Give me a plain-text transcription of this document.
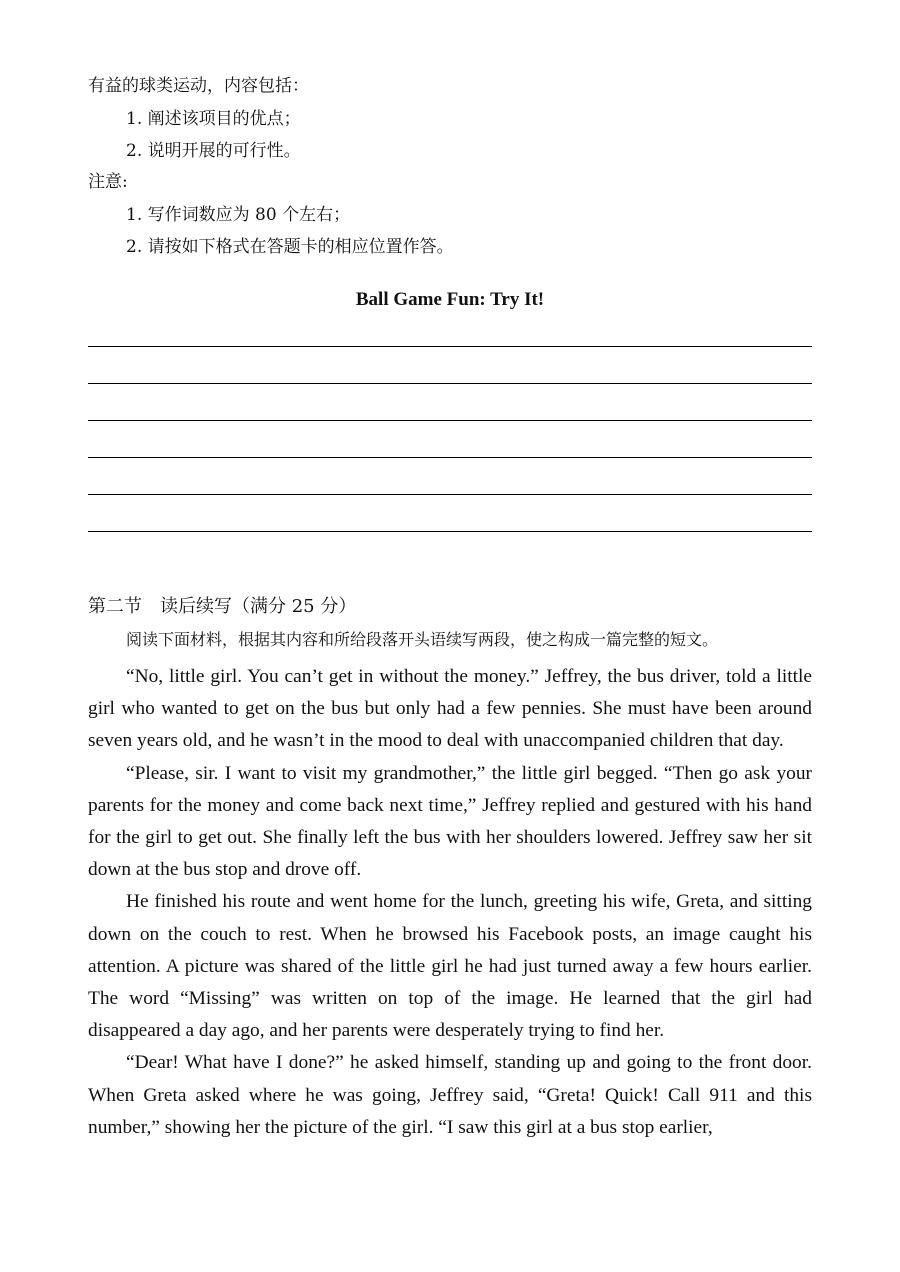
有益的球类运动，内容包括：
1. 阐述该项目的优点；
2. 说明开展的可行性。
注意:
1. 写作词数应为 80 个左右；
2. 请按如下格式在答题卡的相应位置作答。
Ball Game Fun: Try It!
第二节　读后续写（满分 25 分）
阅读下面材料，根据其内容和所给段落开头语续写两段，使之构成一篇完整的短文。

“No, little girl. You can’t get in without the money.” Jeffrey, the bus driver, told a little girl who wanted to get on the bus but only had a few pennies. She must have been around seven years old, and he wasn’t in the mood to deal with unaccompanied children that day.

“Please, sir. I want to visit my grandmother,” the little girl begged. “Then go ask your parents for the money and come back next time,” Jeffrey replied and gestured with his hand for the girl to get out. She finally left the bus with her shoulders lowered. Jeffrey saw her sit down at the bus stop and drove off.

He finished his route and went home for the lunch, greeting his wife, Greta, and sitting down on the couch to rest. When he browsed his Facebook posts, an image caught his attention. A picture was shared of the little girl he had just turned away a few hours earlier. The word “Missing” was written on top of the image. He learned that the girl had disappeared a day ago, and her parents were desperately trying to find her.

“Dear! What have I done?” he asked himself, standing up and going to the front door. When Greta asked where he was going, Jeffrey said, “Greta! Quick! Call 911 and this number,” showing her the picture of the girl. “I saw this girl at a bus stop earlier,
